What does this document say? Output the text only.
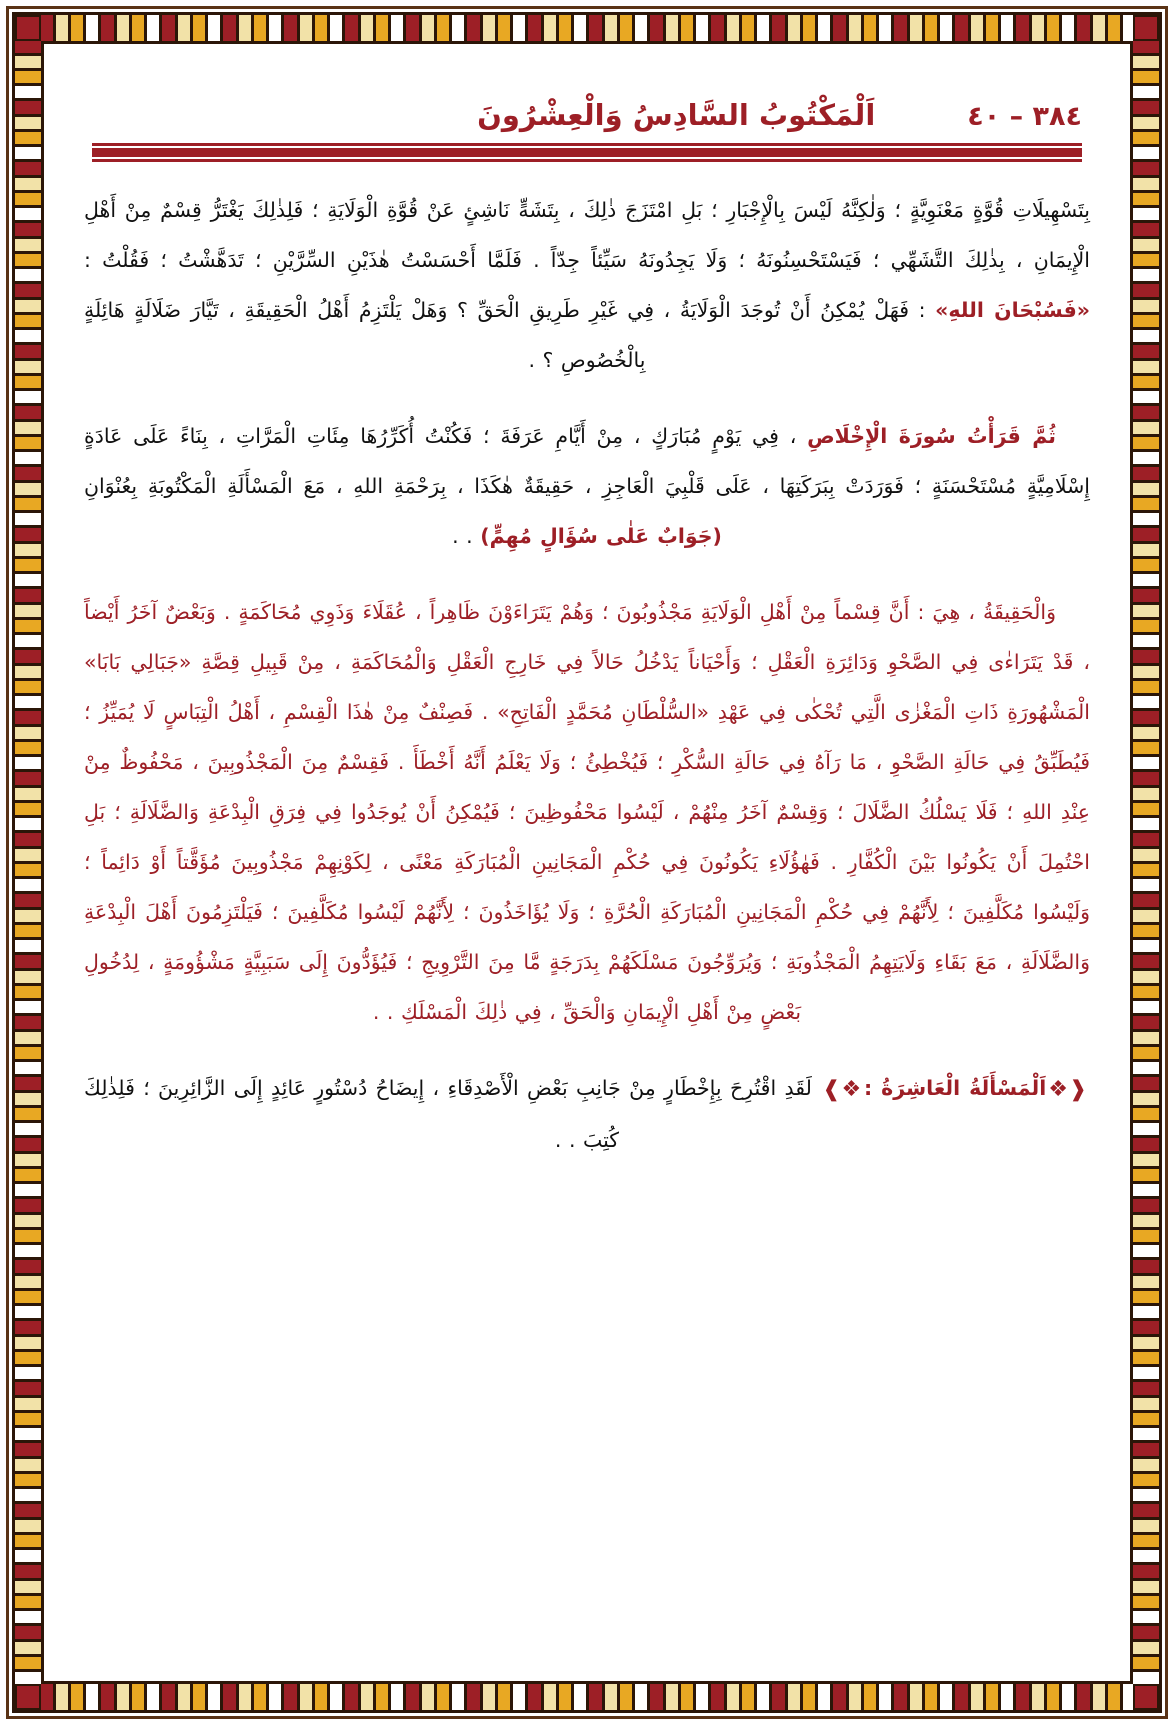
٣٨٤ – ٤٠
اَلْمَكْتُوبُ السَّادِسُ وَالْعِشْرُونَ

بِتَسْهِيلَاتِ قُوَّةٍ مَعْنَوِيَّةٍ ؛ وَلٰكِنَّهُ لَيْسَ بِالْإِجْبَارِ ؛ بَلِ امْتَزَجَ ذٰلِكَ ، بِتَشَهٍّ نَاشِئٍ عَنْ قُوَّةِ الْوَلَايَةِ ؛ فَلِذٰلِكَ يَغْتَرُّ قِسْمٌ مِنْ أَهْلِ الْإِيمَانِ ، بِذٰلِكَ التَّشَهِّي ؛ فَيَسْتَحْسِنُونَهُ ؛ وَلَا يَجِدُونَهُ سَيِّئاً جِدّاً . فَلَمَّا أَحْسَسْتُ هٰذَيْنِ السِّرَّيْنِ ؛ تَدَهَّشْتُ ؛ فَقُلْتُ : «فَسُبْحَانَ اللهِ» : فَهَلْ يُمْكِنُ أَنْ تُوجَدَ الْوَلَايَةُ ، فِي غَيْرِ طَرِيقِ الْحَقِّ ؟ وَهَلْ يَلْتَزِمُ أَهْلُ الْحَقِيقَةِ ، تَيَّارَ ضَلَالَةٍ هَائِلَةٍ بِالْخُصُوصِ ؟ .

ثُمَّ قَرَأْتُ سُورَةَ الْإِخْلَاصِ ، فِي يَوْمٍ مُبَارَكٍ ، مِنْ أَيَّامِ عَرَفَةَ ؛ فَكُنْتُ أُكَرِّرُهَا مِئَاتِ الْمَرَّاتِ ، بِنَاءً عَلَى عَادَةٍ إِسْلَامِيَّةٍ مُسْتَحْسَنَةٍ ؛ فَوَرَدَتْ بِبَرَكَتِهَا ، عَلَى قَلْبِيَ الْعَاجِزِ ، حَقِيقَةٌ هٰكَذَا ، بِرَحْمَةِ اللهِ ، مَعَ الْمَسْأَلَةِ الْمَكْتُوبَةِ بِعُنْوَانِ (جَوَابٌ عَلٰى سُؤَالٍ مُهِمٍّ) . .

وَالْحَقِيقَةُ ، هِيَ : أَنَّ قِسْماً مِنْ أَهْلِ الْوَلَايَةِ مَجْذُوبُونَ ؛ وَهُمْ يَتَرَاءَوْنَ ظَاهِراً ، عُقَلَاءَ وَذَوِي مُحَاكَمَةٍ . وَبَعْضٌ آخَرُ أَيْضاً ، قَدْ يَتَرَاءٰى فِي الصَّحْوِ وَدَائِرَةِ الْعَقْلِ ؛ وَأَحْيَاناً يَدْخُلُ حَالاً فِي خَارِجِ الْعَقْلِ وَالْمُحَاكَمَةِ ، مِنْ قَبِيلِ قِصَّةِ «جَبَالِي بَابَا» الْمَشْهُورَةِ ذَاتِ الْمَغْزٰى الَّتِي تُحْكٰى فِي عَهْدِ «السُّلْطَانِ مُحَمَّدٍ الْفَاتِحِ» . فَصِنْفٌ مِنْ هٰذَا الْقِسْمِ ، أَهْلُ الْتِبَاسٍ لَا يُمَيِّزُ ؛ فَيُطَبِّقُ فِي حَالَةِ الصَّحْوِ ، مَا رَآهُ فِي حَالَةِ السُّكْرِ ؛ فَيُخْطِئُ ؛ وَلَا يَعْلَمُ أَنَّهُ أَخْطَأَ . فَقِسْمٌ مِنَ الْمَجْذُوبِينَ ، مَحْفُوظٌ مِنْ عِنْدِ اللهِ ؛ فَلَا يَسْلُكُ الضَّلَالَ ؛ وَقِسْمٌ آخَرُ مِنْهُمْ ، لَيْسُوا مَحْفُوظِينَ ؛ فَيُمْكِنُ أَنْ يُوجَدُوا فِي فِرَقِ الْبِدْعَةِ وَالضَّلَالَةِ ؛ بَلِ احْتُمِلَ أَنْ يَكُونُوا بَيْنَ الْكُفَّارِ . فَهٰؤُلَاءِ يَكُونُونَ فِي حُكْمِ الْمَجَانِينِ الْمُبَارَكَةِ مَعْنًى ، لِكَوْنِهِمْ مَجْذُوبِينَ مُؤَقَّتاً أَوْ دَائِماً ؛ وَلَيْسُوا مُكَلَّفِينَ ؛ لِأَنَّهُمْ فِي حُكْمِ الْمَجَانِينِ الْمُبَارَكَةِ الْحُرَّةِ ؛ وَلَا يُؤَاخَذُونَ ؛ لِأَنَّهُمْ لَيْسُوا مُكَلَّفِينَ ؛ فَيَلْتَزِمُونَ أَهْلَ الْبِدْعَةِ وَالضَّلَالَةِ ، مَعَ بَقَاءِ وَلَايَتِهِمُ الْمَجْذُوبَةِ ؛ وَيُرَوِّجُونَ مَسْلَكَهُمْ بِدَرَجَةٍ مَّا مِنَ التَّرْوِيجِ ؛ فَيُؤَدُّونَ إِلَى سَبَبِيَّةٍ مَشْؤُومَةٍ ، لِدُخُولِ بَعْضٍ مِنْ أَهْلِ الْإِيمَانِ وَالْحَقِّ ، فِي ذٰلِكَ الْمَسْلَكِ . .

❰❖اَلْمَسْأَلَةُ الْعَاشِرَةُ :❖❱ لَقَدِ اقْتُرِحَ بِإِخْطَارٍ مِنْ جَانِبِ بَعْضِ الْأَصْدِقَاءِ ، إِيضَاحُ دُسْتُورٍ عَائِدٍ إِلَى الزَّائِرِينَ ؛ فَلِذٰلِكَ كُتِبَ . .
